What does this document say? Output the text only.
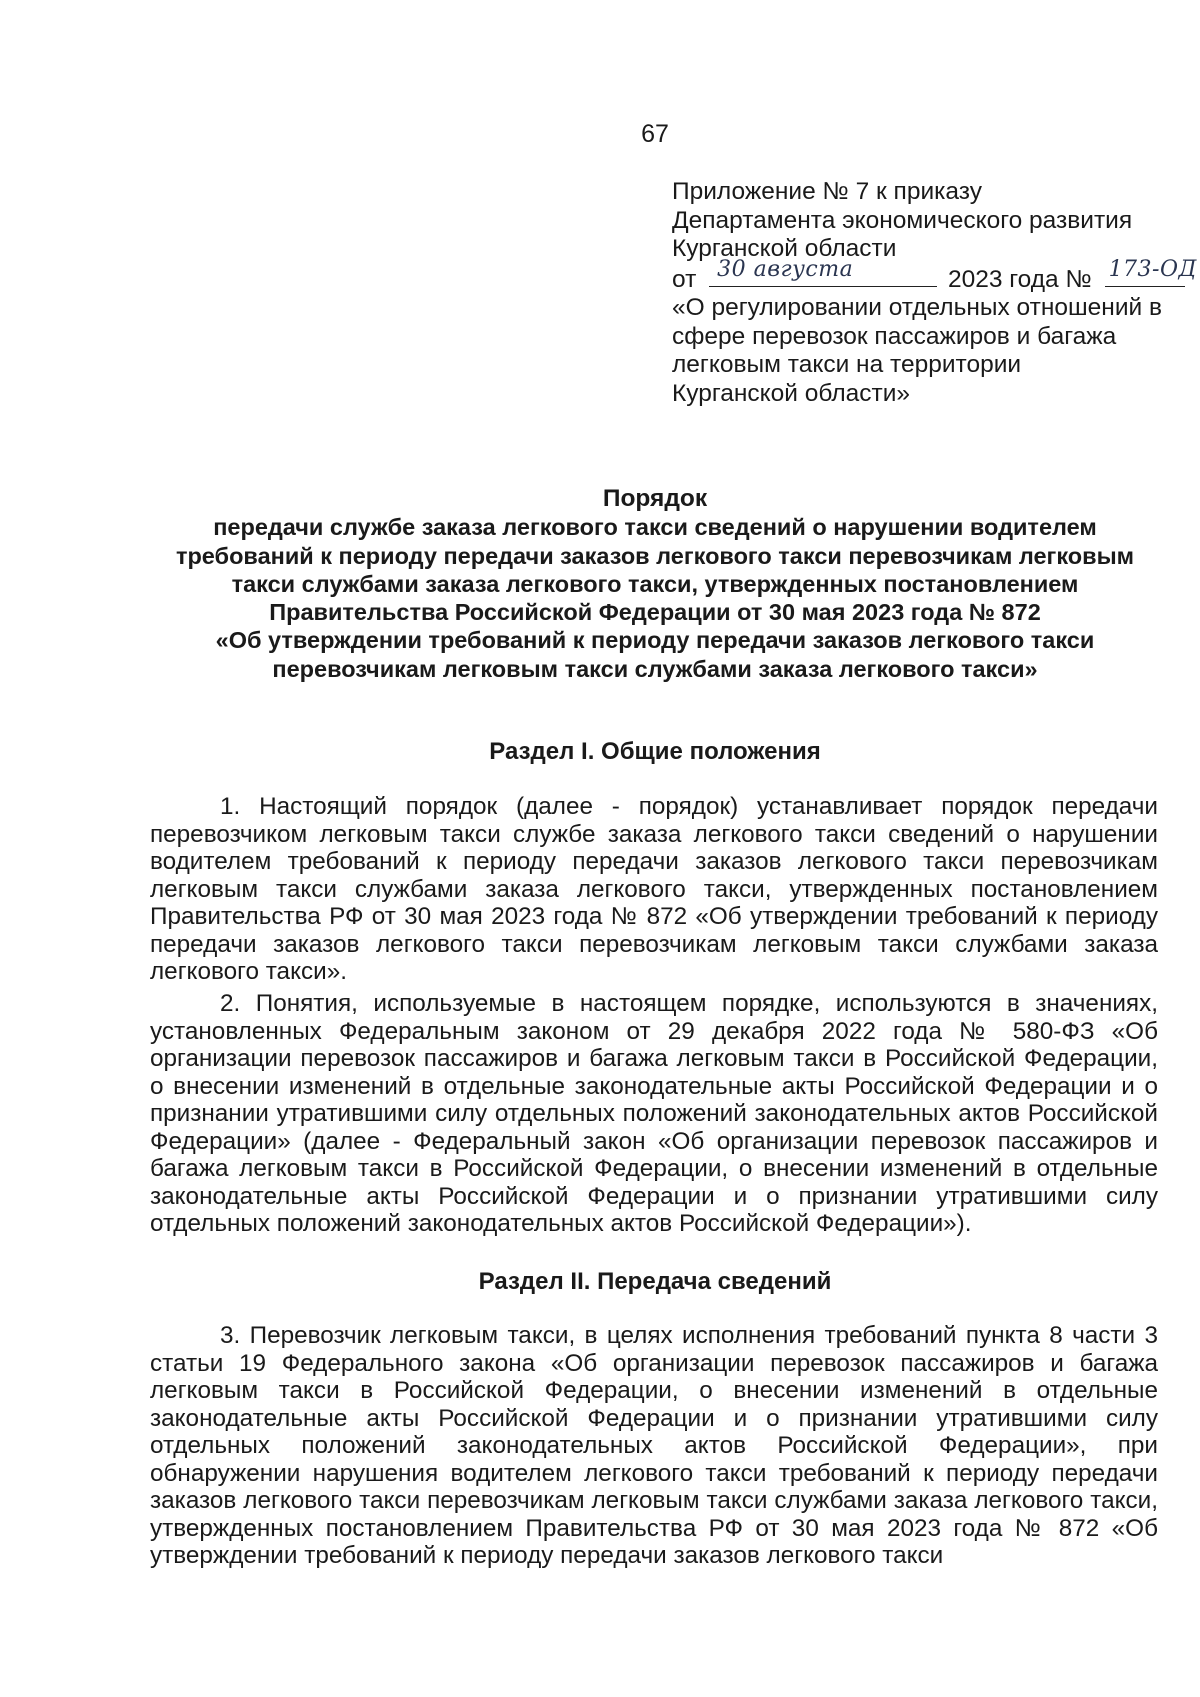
67
Приложение № 7 к приказу
Департамента экономического развития
Курганской области
от 30 августа	2023 года № 173-ОД
«О регулировании отдельных отношений в
сфере перевозок пассажиров и багажа
легковым такси на территории
Курганской области»
Порядок
передачи службе заказа легкового такси сведений о нарушении водителем
требований к периоду передачи заказов легкового такси перевозчикам легковым
такси службами заказа легкового такси, утвержденных постановлением
Правительства Российской Федерации от 30 мая 2023 года № 872
«Об утверждении требований к периоду передачи заказов легкового такси
перевозчикам легковым такси службами заказа легкового такси»
Раздел I. Общие положения
1. Настоящий порядок (далее - порядок) устанавливает порядок передачи перевозчиком легковым такси службе заказа легкового такси сведений о нарушении водителем требований к периоду передачи заказов легкового такси перевозчикам легковым такси службами заказа легкового такси, утвержденных постановлением Правительства РФ от 30 мая 2023 года № 872 «Об утверждении требований к периоду передачи заказов легкового такси перевозчикам легковым такси службами заказа легкового такси».
2. Понятия, используемые в настоящем порядке, используются в значениях, установленных Федеральным законом от 29 декабря 2022 года № 580-ФЗ «Об организации перевозок пассажиров и багажа легковым такси в Российской Федерации, о внесении изменений в отдельные законодательные акты Российской Федерации и о признании утратившими силу отдельных положений законодательных актов Российской Федерации» (далее - Федеральный закон «Об организации перевозок пассажиров и багажа легковым такси в Российской Федерации, о внесении изменений в отдельные законодательные акты Российской Федерации и о признании утратившими силу отдельных положений законодательных актов Российской Федерации»).
Раздел II. Передача сведений
3. Перевозчик легковым такси, в целях исполнения требований пункта 8 части 3 статьи 19 Федерального закона «Об организации перевозок пассажиров и багажа легковым такси в Российской Федерации, о внесении изменений в отдельные законодательные акты Российской Федерации и о признании утратившими силу отдельных положений законодательных актов Российской Федерации», при обнаружении нарушения водителем легкового такси требований к периоду передачи заказов легкового такси перевозчикам легковым такси службами заказа легкового такси, утвержденных постановлением Правительства РФ от 30 мая 2023 года № 872 «Об утверждении требований к периоду передачи заказов легкового такси
